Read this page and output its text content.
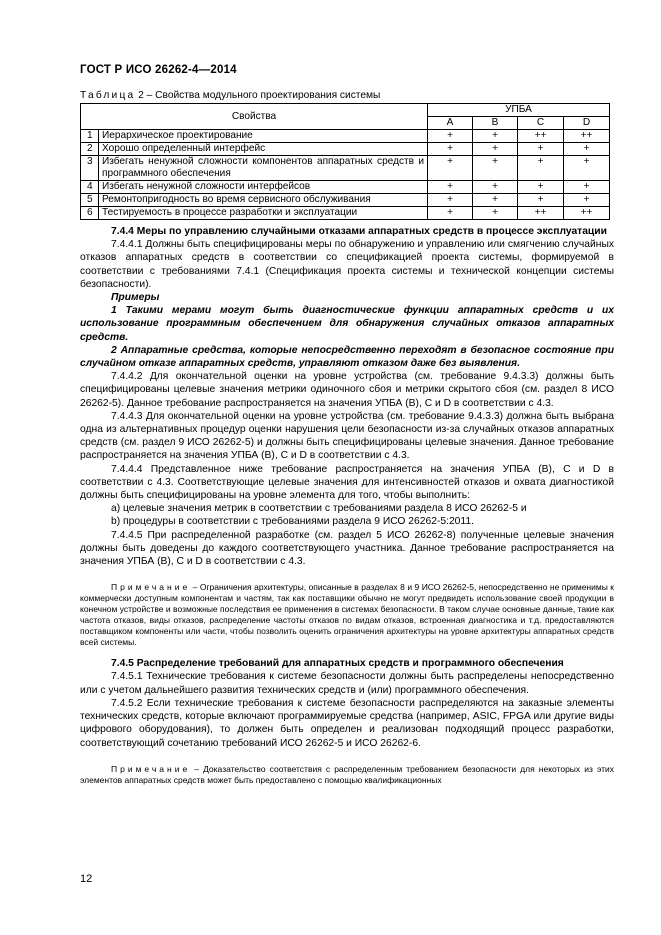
ГОСТ Р ИСО 26262-4—2014
Таблица 2 – Свойства модульного проектирования системы
Свойства		УПБА			
		A	B	C	D
1	Иерархическое проектирование	+	+	++	++
2	Хорошо определенный интерфейс	+	+	+	+
3	Избегать ненужной сложности компонентов аппаратных средств и программного обеспечения	+	+	+	+
4	Избегать ненужной сложности интерфейсов	+	+	+	+
5	Ремонтопригодность во время сервисного обслуживания	+	+	+	+
6	Тестируемость в процессе разработки и эксплуатации	+	+	++	++

7.4.4 Меры по управлению случайными отказами аппаратных средств в процессе эксплуатации

7.4.4.1 Должны быть специфицированы меры по обнаружению и управлению или смягчению случайных отказов аппаратных средств в соответствии со спецификацией проекта системы, формируемой в соответствии с требованиями 7.4.1 (Спецификация проекта системы и технической концепции системы безопасности).

Примеры

1 Такими мерами могут быть диагностические функции аппаратных средств и их использование программным обеспечением для обнаружения случайных отказов аппаратных средств.

2 Аппаратные средства, которые непосредственно переходят в безопасное состояние при случайном отказе аппаратных средств, управляют отказом даже без выявления.

7.4.4.2 Для окончательной оценки на уровне устройства (см. требование 9.4.3.3) должны быть специфицированы целевые значения метрики одиночного сбоя и метрики скрытого сбоя (см. раздел 8 ИСО 26262-5). Данное требование распространяется на значения УПБА (В), С и D в соответствии с 4.3.

7.4.4.3 Для окончательной оценки на уровне устройства (см. требование 9.4.3.3) должна быть выбрана одна из альтернативных процедур оценки нарушения цели безопасности из-за случайных отказов аппаратных средств (см. раздел 9 ИСО 26262-5) и должны быть специфицированы целевые значения. Данное требование распространяется на значения УПБА (В), С и D в соответствии с 4.3.

7.4.4.4 Представленное ниже требование распространяется на значения УПБА (В), С и D в соответствии с 4.3. Соответствующие целевые значения для интенсивностей отказов и охвата диагностикой должны быть специфицированы на уровне элемента для того, чтобы выполнить:

a) целевые значения метрик в соответствии с требованиями раздела 8 ИСО 26262-5 и

b) процедуры в соответствии с требованиями раздела 9 ИСО 26262-5:2011.

7.4.4.5 При распределенной разработке (см. раздел 5 ИСО 26262-8) полученные целевые значения должны быть доведены до каждого соответствующего участника. Данное требование распространяется на значения УПБА (В), С и D в соответствии с 4.3.

Примечание – Ограничения архитектуры, описанные в разделах 8 и 9 ИСО 26262-5, непосредственно не применимы к коммерчески доступным компонентам и частям, так как поставщики обычно не могут предвидеть использование своей продукции в конечном устройстве и возможные последствия ее применения в системах безопасности. В таком случае основные данные, такие как частота отказов, виды отказов, распределение частоты отказов по видам отказов, встроенная диагностика и т.д. предоставляются поставщиком компоненты или части, чтобы позволить оценить ограничения архитектуры на уровне архитектуры аппаратных средств всей системы.

7.4.5 Распределение требований для аппаратных средств и программного обеспечения

7.4.5.1 Технические требования к системе безопасности должны быть распределены непосредственно или с учетом дальнейшего развития технических средств и (или) программного обеспечения.

7.4.5.2 Если технические требования к системе безопасности распределяются на заказные элементы технических средств, которые включают программируемые средства (например, ASIC, FPGA или другие виды цифрового оборудования), то должен быть определен и реализован подходящий процесс разработки, соответствующий сочетанию требований ИСО 26262-5 и ИСО 26262-6.

Примечание – Доказательство соответствия с распределенным требованием безопасности для некоторых из этих элементов аппаратных средств может быть предоставлено с помощью квалификационных

12
